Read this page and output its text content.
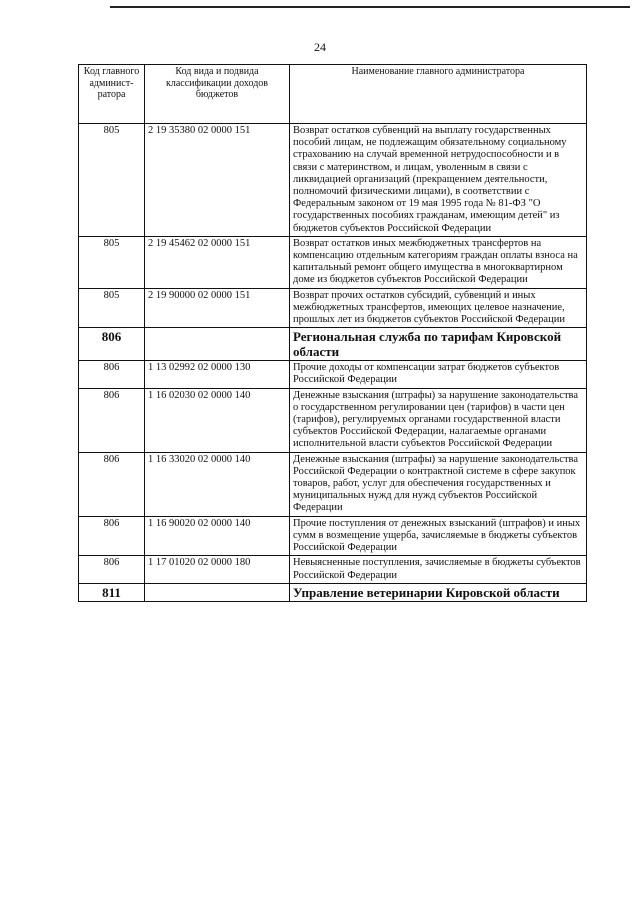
24
Код главного админист-ратора	Код вида и подвида классификации доходов бюджетов	Наименование главного администратора
805	2 19 35380 02 0000 151	Возврат остатков субвенций на выплату государственных пособий лицам, не подлежащим обязательному социальному страхованию на случай временной нетрудоспособности и в связи с материнством, и лицам, уволенным в связи с ликвидацией организаций (прекращением деятельности, полномочий физическими лицами), в соответствии с Федеральным законом от 19 мая 1995 года № 81-ФЗ "О государственных пособиях гражданам, имеющим детей" из бюджетов субъектов Российской Федерации
805	2 19 45462 02 0000 151	Возврат остатков иных межбюджетных трансфертов на компенсацию отдельным категориям граждан оплаты взноса на капитальный ремонт общего имущества в многоквартирном доме из бюджетов субъектов Российской Федерации
805	2 19 90000 02 0000 151	Возврат прочих остатков субсидий, субвенций и иных межбюджетных трансфертов, имеющих целевое назначение, прошлых лет из бюджетов субъектов Российской Федерации
806		Региональная служба по тарифам Кировской области
806	1 13 02992 02 0000 130	Прочие доходы от компенсации затрат бюджетов субъектов Российской Федерации
806	1 16 02030 02 0000 140	Денежные взыскания (штрафы) за нарушение законодательства о государственном регулировании цен (тарифов) в части цен (тарифов), регулируемых органами государственной власти субъектов Российской Федерации, налагаемые органами исполнительной власти субъектов Российской Федерации
806	1 16 33020 02 0000 140	Денежные взыскания (штрафы) за нарушение законодательства Российской Федерации о контрактной системе в сфере закупок товаров, работ, услуг для обеспечения государственных и муниципальных нужд для нужд субъектов Российской Федерации
806	1 16 90020 02 0000 140	Прочие поступления от денежных взысканий (штрафов) и иных сумм в возмещение ущерба, зачисляемые в бюджеты субъектов Российской Федерации
806	1 17 01020 02 0000 180	Невыясненные поступления, зачисляемые в бюджеты субъектов Российской Федерации
811		Управление ветеринарии Кировской области
